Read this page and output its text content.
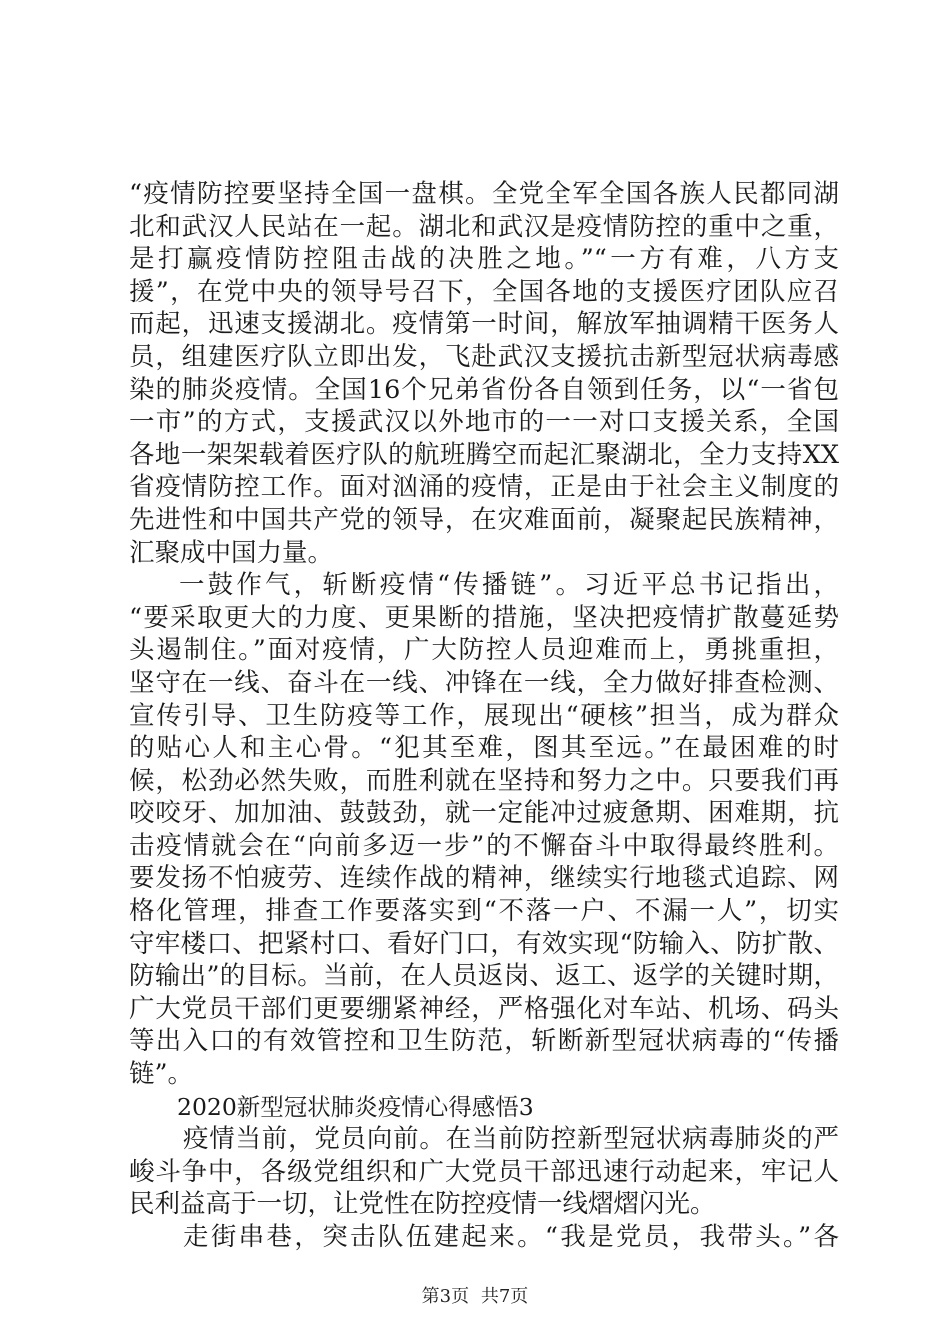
“疫情防控要坚持全国一盘棋。全党全军全国各族人民都同湖
北和武汉人民站在一起。湖北和武汉是疫情防控的重中之重，
是打赢疫情防控阻击战的决胜之地。”“一方有难，八方支
援”，在党中央的领导号召下，全国各地的支援医疗团队应召
而起，迅速支援湖北。疫情第一时间，解放军抽调精干医务人
员，组建医疗队立即出发，飞赴武汉支援抗击新型冠状病毒感
染的肺炎疫情。全国16个兄弟省份各自领到任务，以“一省包
一市”的方式，支援武汉以外地市的一一对口支援关系，全国
各地一架架载着医疗队的航班腾空而起汇聚湖北，全力支持XX
省疫情防控工作。面对汹涌的疫情，正是由于社会主义制度的
先进性和中国共产党的领导，在灾难面前，凝聚起民族精神，
汇聚成中国力量。
一鼓作气，斩断疫情“传播链”。习近平总书记指出，
“要采取更大的力度、更果断的措施，坚决把疫情扩散蔓延势
头遏制住。”面对疫情，广大防控人员迎难而上，勇挑重担，
坚守在一线、奋斗在一线、冲锋在一线，全力做好排查检测、
宣传引导、卫生防疫等工作，展现出“硬核”担当，成为群众
的贴心人和主心骨。“犯其至难，图其至远。”在最困难的时
候，松劲必然失败，而胜利就在坚持和努力之中。只要我们再
咬咬牙、加加油、鼓鼓劲，就一定能冲过疲惫期、困难期，抗
击疫情就会在“向前多迈一步”的不懈奋斗中取得最终胜利。
要发扬不怕疲劳、连续作战的精神，继续实行地毯式追踪、网
格化管理，排查工作要落实到“不落一户、不漏一人”，切实
守牢楼口、把紧村口、看好门口，有效实现“防输入、防扩散、
防输出”的目标。当前，在人员返岗、返工、返学的关键时期，
广大党员干部们更要绷紧神经，严格强化对车站、机场、码头
等出入口的有效管控和卫生防范，斩断新型冠状病毒的“传播
链”。
2020新型冠状肺炎疫情心得感悟3
疫情当前，党员向前。在当前防控新型冠状病毒肺炎的严
峻斗争中，各级党组织和广大党员干部迅速行动起来，牢记人
民利益高于一切，让党性在防控疫情一线熠熠闪光。
走街串巷，突击队伍建起来。“我是党员，我带头。”各
第3页 共7页
